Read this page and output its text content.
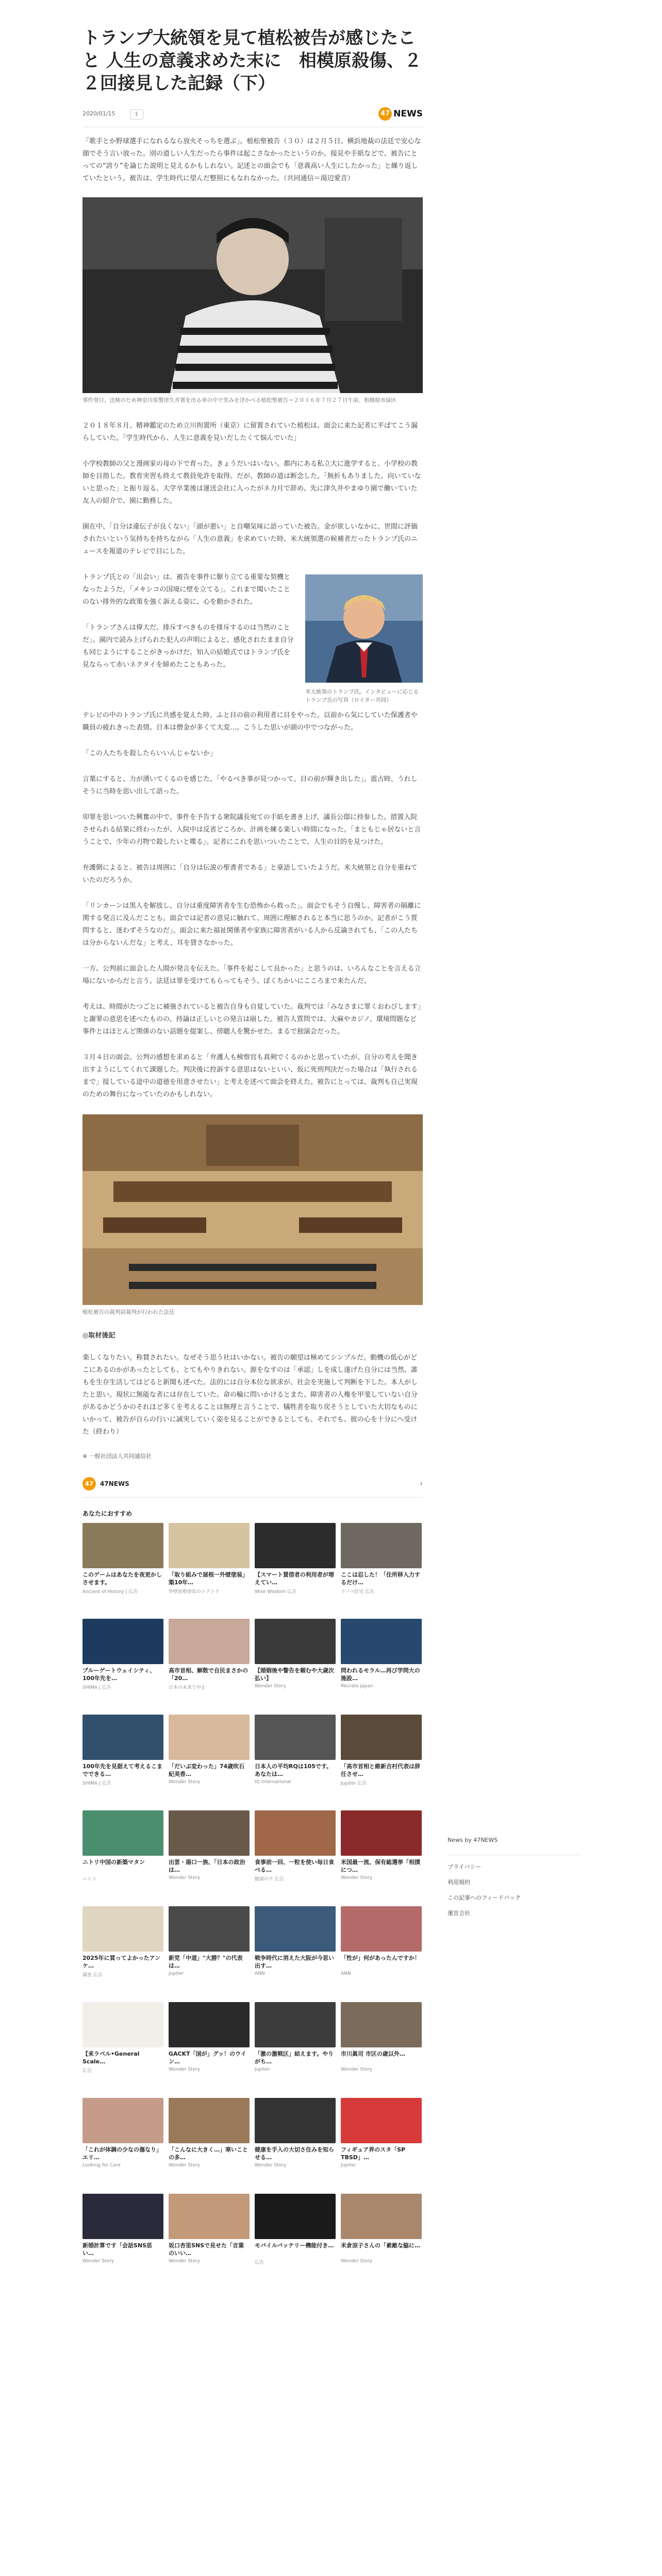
トランプ大統領を見て植松被告が感じたこと 人生の意義求めた末に　相模原殺傷、２２回接見した記録（下）
2020/01/15	⇪	47 NEWS
「歌手とか野球選手になれるなら放火そっちを選ぶ」。植松聖被告（３０）は２月５日、横浜地裁の法廷で安心な顔でそう言い放った。別の道しい人生だったら事件は起こさなかったというのか。接見や手紙などで、被告にとっての“誇り”を論じた説明と見えるかもしれない。記述との面会でも「意義高い人生にしたかった」と繰り返していたという。被告は、学生時代に望んだ整照にもなれなかった。（共同通信＝湯辺愛音）
事件翌日、送検のため神奈川県警津久井署を出る車の中で笑みを浮かべる植松聖被告＝２０１６年７月２７日午前、相模原市緑区

２０１８年８月、精神鑑定のため立川拘置所（東京）に留置されていた植松は、面会に来た記者に平ばてこう漏らしていた。「学生時代から、人生に意義を見いだしたくて悩んでいた」

小学校教師の父と漫画家の母の下で育った。きょうだいはいない。都内にある私立大に進学すると、小学校の教師を目指した。教育実習も終えて教員免許を取得。だが、教師の道は断念した。「無折もありました。向いていないと思った」と振り返る。大学卒業後は運送会社に入ったがネ力月で辞め、先に津久井やまゆり園で働いていた友人の紹介で、園に勤務した。

園在中、「自分は違伝子が良くない」「頭が悪い」と自嘲気味に語っていた被告。金が欲しいなかに、世間に評価されたいという気持ちを持ちながら「人生の意義」を求めていた時、米大統領選の候補者だったトランプ氏のニュースを報道のテレビで目にした。

米大統領のトランプ氏。インタビューに応じるトランプ氏の写真（ロイター共同）

トランプ氏との「出会い」は、被告を事件に駆り立てる重要な契機となったようだ。「メキシコの国境に壁を立てる」。これまで聞いたことのない排外的な政策を強く訴える姿に、心を動かされた。

「トランプさんは偉大だ。排斥すべきものを排斥するのは当然のことだ」。園内で読み上げられた犯人の声明によると、感化されたまま自分も同じようにすることがきっかけだ。知人の結婚式ではトランプ氏を見ならって赤いネクタイを締めたこともあった。

テレビの中のトランプ氏に共感を覚えた時、ふと目の前の利用者に目をやった。以前から気にしていた保護者や職員の疲れきった表情。日本は僧金が多くて大変…。こうした思いが頭の中でつながった。

「この人たちを殺したらいいんじゃないか」

言葉にすると、力が湧いてくるのを感じた。「やるべき事が見つかって、目の前が輝き出した」。震古時、うれしそうに当時を思い出して語った。

卯罪を思いついた興奮の中で、事件を予告する衆院議長宛ての手紙を書き上げ、議長公邸に持参した。措置入院させられる結果に終わったが、入院中は反省どころか、計画を練る楽しい時間になった。「まともじゃ居ないと言うことで、少年の刃物で殺したいと喋る」。記者にこれを思いついたことで、人生の目的を見つけた。

弁護側によると、被告は周囲に「自分は伝説の聖書者である」と豪語していたようだ。米大統領と自分を重ねていたのだろうか。

「リンカーンは黒人を解放し、自分は重度障害者を生む恐怖から救った」。面会でもそう自慢し、障害者の隔離に関する発言に及んだことも。面会では記者の意見に触れて、周囲に理解されると本当に思うのか。記者がこう質問すると、迷わずそうなのだ」。面会に来た福祉関係者や家族に障害者がいる人から反論されても、「この人たちは分からないんだな」と考え、耳を貸さなかった。

一方、公判前に面会した人間が発言を伝えた。「事件を起こして良かった」と思うのは、いろんなことを言える立場にないからだと言う。法廷は罪を受けてもらってもそう、ぼくちかいにこころまで来たんだ。

考えは、時間がたつごとに補強されていると被告自身も自覚していた。裁判では「みなさまに罪くおわびします」と謝罪の意思を述べたものの、持論は正しいとの発言は崩した。被告人質問では、大麻やカジノ、環境問題など事件とはほとんど関係のない話題を提案し、傍聴人を驚かせた。まるで独演会だった。

３月４日の面会。公判の感想を求めると「弁護人も検察官も真剣でくるのかと思っていたが、自分の考えを聞き出すようにしてくれて課題した。判決後に控訴する意思はないといい、仮に死刑判決だった場合は「執行されるまで」接している途中の道徳を用意させたい」と考えを述べて面会を終えた。被告にとっては、裁判も自己実現のための舞台になっていたのかもしれない。

植松被告の裁判員裁判が行われた法廷
◎取材後記

楽しくなりたい。称賛されたい。なぜそう思う社はいかない。被告の願望は極めてシンプルだ。動機の低心がどこにあるのかがあったとしても、とてもやりきれない。源をなすのは「承認」しを成し遂げた自分には当然、誰もを生存生活してはどると新聞も述べた。法的には自分本位な欲求が、社会を実施して判断を下した。本人がしたと思い。現状に無能な者には存在していた。命の輪に問いかけるとまた、障害者の人権を甲斐していない自分があるかどうかのそれほど多くを考えることは無理と言うことで、犠牲者を取り戻そうとしていた大切なものにいかって、被告が自らの行いに誠実していく姿を見ることができるとしても、それでも、彼の心を十分にへ受けた（終わり）

※ 一般社団法人共同通信社
47	47NEWS	›
あなたにおすすめ
このゲームはあなたを夜更かしさせます。
Ancient of History | 広告
「取り組みで屋根一外壁塗装」築10年…
外壁屋根塗装のトクトク
【スマート賃借者の利用者が増えてい…
Wise Wisdom 広告
ここは忍した！「住所移入力するだけ…
リノベ住宅 広告
ブルーゲートウェイシティ、100年先を…
SHIMA | 広告
高市首相、解散で自民まさかの「20…
日本の未来で中止
【婚姻後や警告を頼むや大歳次払い】
Wonder Story
問われるモラル…再び学問大の施設…
Recrate Japan
100年先を見据えて考えるこまでできる…
SHIMA | 広告
「だいぶ変わった」74歳吹石紀美香…
Wonder Story
日本人の平均RQは105です。あなたは…
IQ International
「高市首相と維新吉村代表は辞任させ…
Jupiter 広告
ニトリ中国の新築マタン
ニトリ
出雲・湯口一族、「日本の政治は…
Wonder Story
食事前一回、一粒を使い毎日食べる…
健康のテ 広告
米国最一流、保有総選挙「相撲につ…
Wonder Story
2025年に買ってよかったアンケ…
調査 広告
新党「中道」"大勝？"の代表は…
Jupiter
戦争時代に消えた大阪が今思い出す…
ANN
「性が」何があったんですか！
ANN
【来ラベル•General Scale…
広告
GACKT「国が」グッ！のウイン…
Wonder Story
「激の激戦区」結えます。やりがち…
Jupiter
市川眞司 市区の歳以外…
Wonder Story
「これが体調の少なの傷なり」エリ…
Looking for Care
「こんなに大きく…」寒いことの多…
Wonder Story
健康を手入の大切さ住みを知らせる…
Wonder Story
フィギュア界のスタ「SP TBSD」…
Jupiter
新婚計算です「会話SNS思い…
Wonder Story
坂口杏里SNSで見せた「言葉のいい…
Wonder Story
モバイルバッテリー機能付き…
広告
米倉涼子さんの「素敵な脇に…
Wonder Story
News by 47NEWS
プライバシー
利用規約
この記事へのフィードバック
運営会社
